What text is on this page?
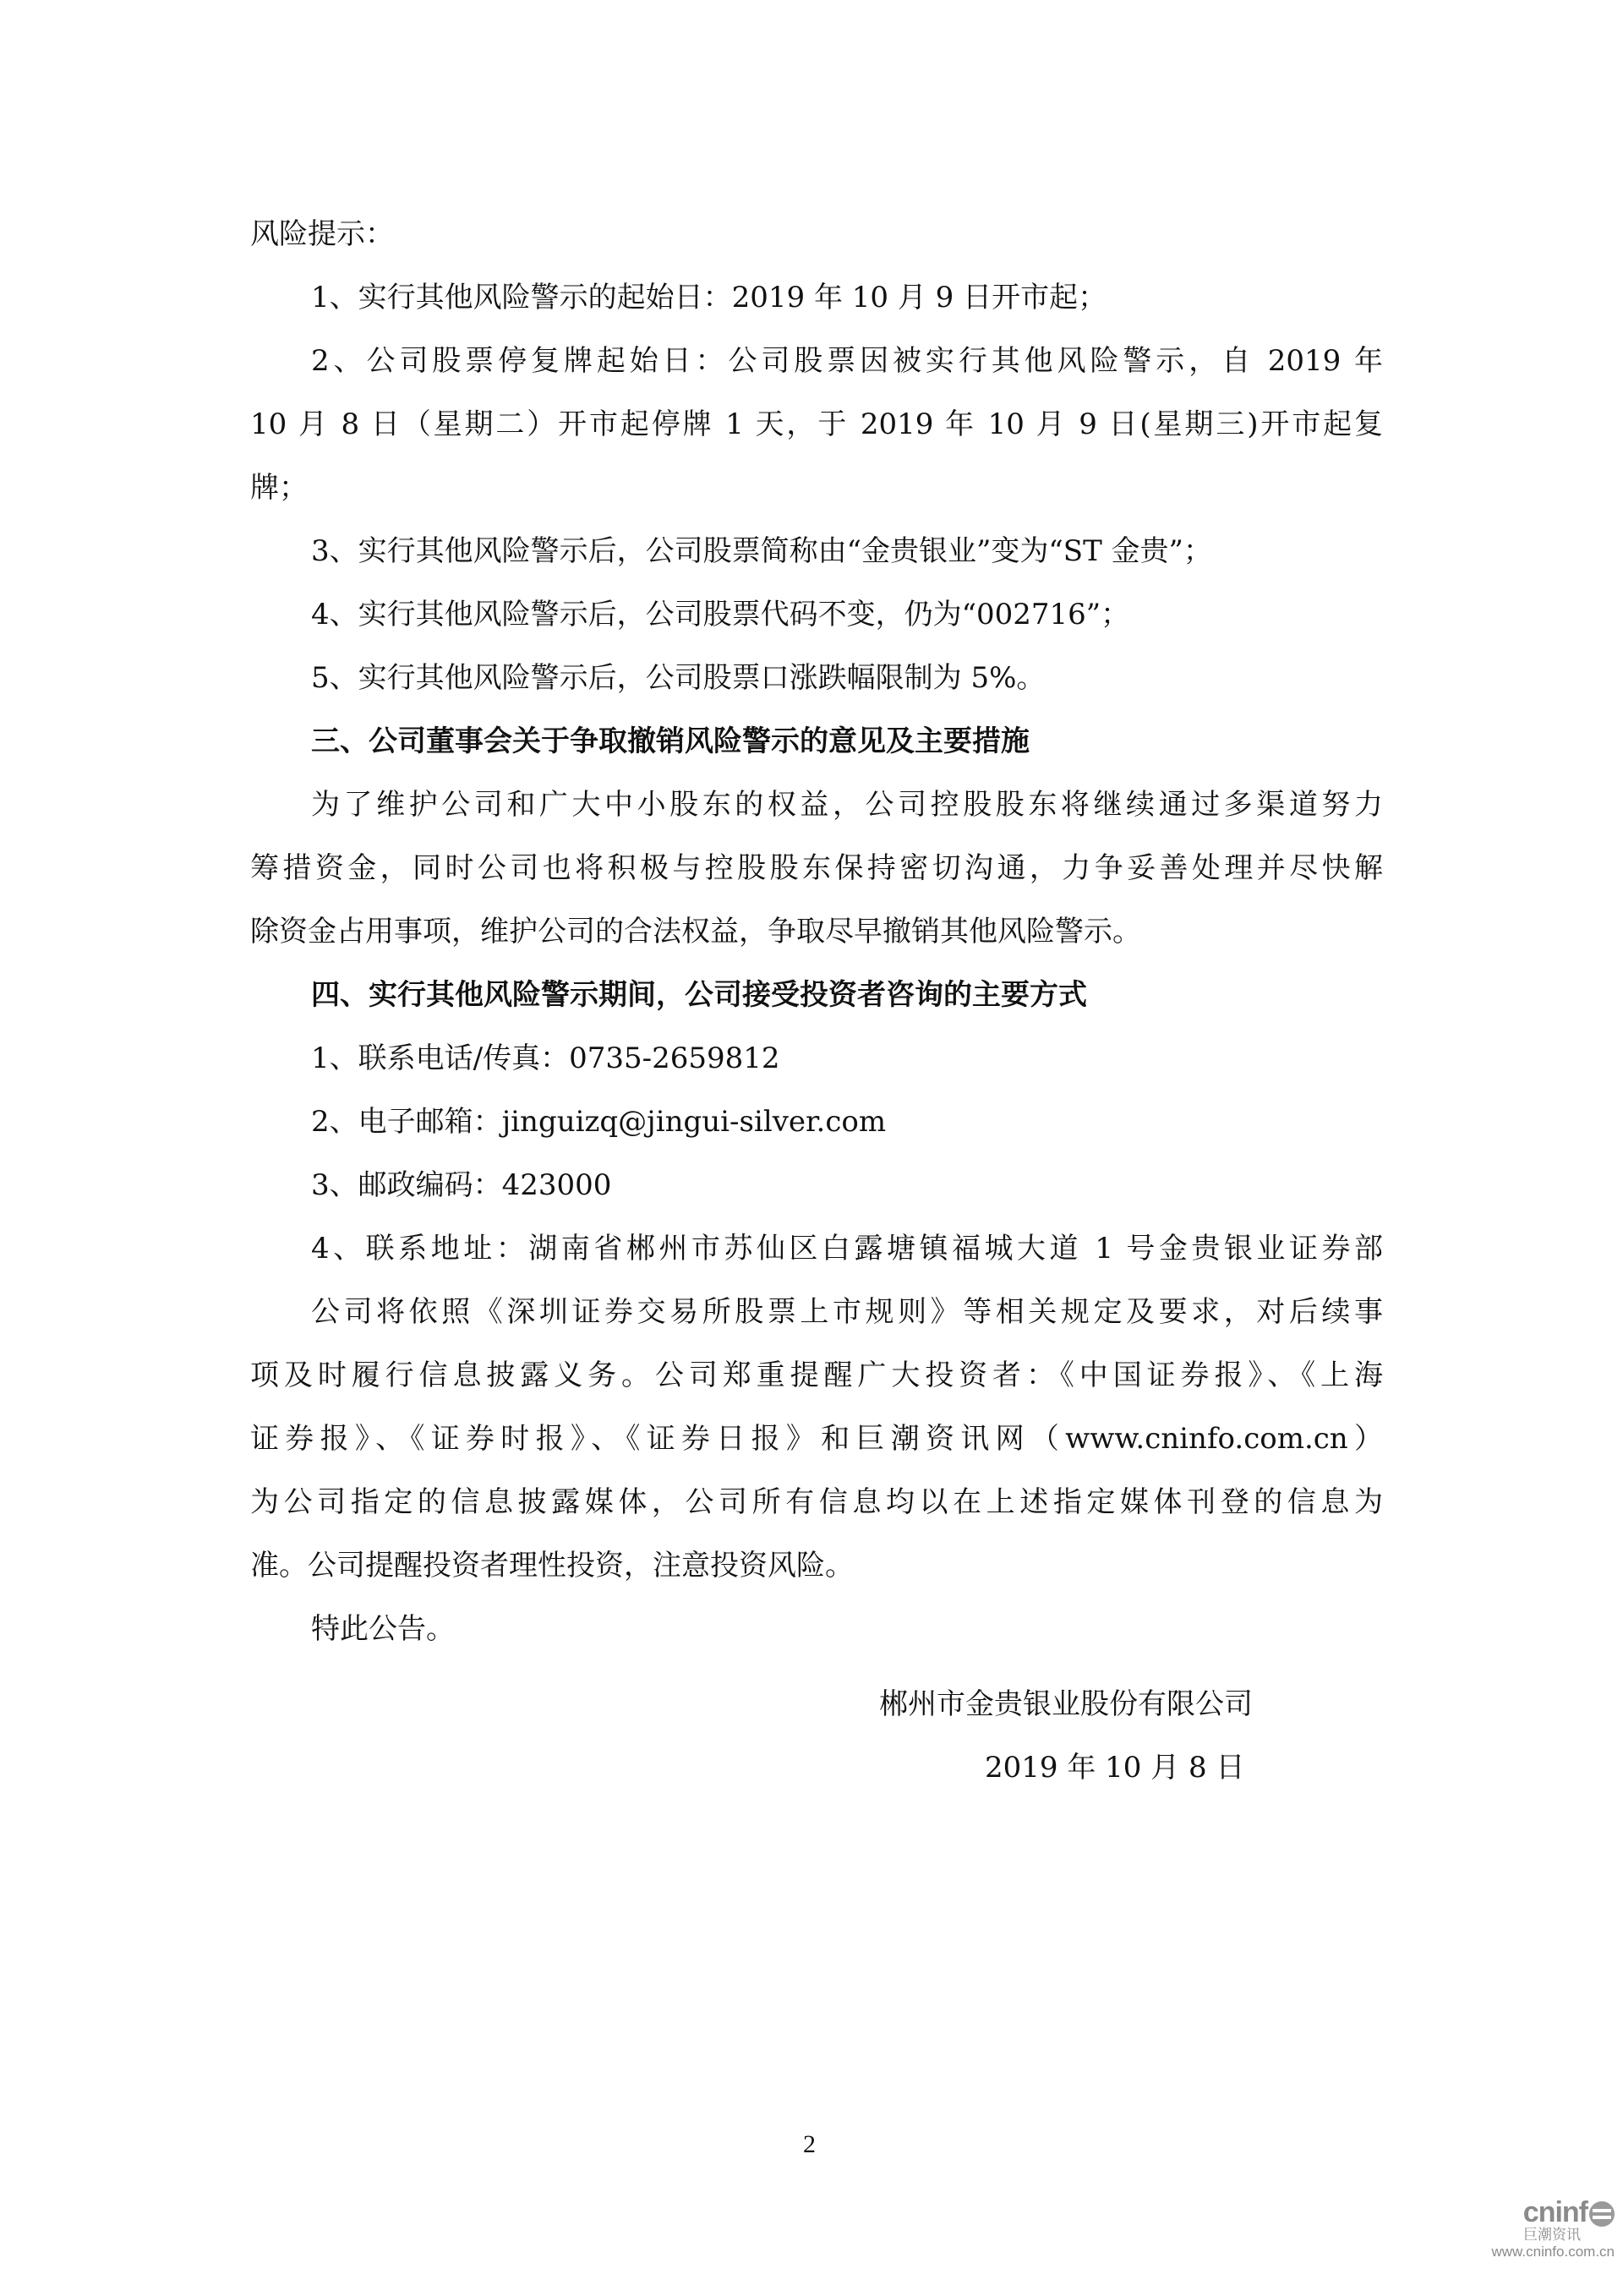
风险提示：
1、实行其他风险警示的起始日：2019 年 10 月 9 日开市起；
2、公司股票停复牌起始日：公司股票因被实行其他风险警示，自 2019 年
10 月 8 日（星期二）开市起停牌 1 天，于 2019 年 10 月 9 日(星期三)开市起复
牌；
3、实行其他风险警示后，公司股票简称由“金贵银业”变为“ST 金贵”；
4、实行其他风险警示后，公司股票代码不变，仍为“002716”；
5、实行其他风险警示后，公司股票口涨跌幅限制为 5%。
三、公司董事会关于争取撤销风险警示的意见及主要措施
为了维护公司和广大中小股东的权益，公司控股股东将继续通过多渠道努力
筹措资金，同时公司也将积极与控股股东保持密切沟通，力争妥善处理并尽快解
除资金占用事项，维护公司的合法权益，争取尽早撤销其他风险警示。
四、实行其他风险警示期间，公司接受投资者咨询的主要方式
1、联系电话/传真：0735-2659812
2、电子邮箱：jinguizq@jingui-silver.com
3、邮政编码：423000
4、联系地址：湖南省郴州市苏仙区白露塘镇福城大道 1 号金贵银业证券部
公司将依照《深圳证券交易所股票上市规则》等相关规定及要求，对后续事
项及时履行信息披露义务。公司郑重提醒广大投资者：《中国证券报》、《上海
证券报》、《证券时报》、《证券日报》和巨潮资讯网（www.cninfo.com.cn）
为公司指定的信息披露媒体，公司所有信息均以在上述指定媒体刊登的信息为
准。公司提醒投资者理性投资，注意投资风险。
特此公告。
郴州市金贵银业股份有限公司
2019 年 10 月 8 日
2
cninf
巨潮资讯
www.cninfo.com.cn
